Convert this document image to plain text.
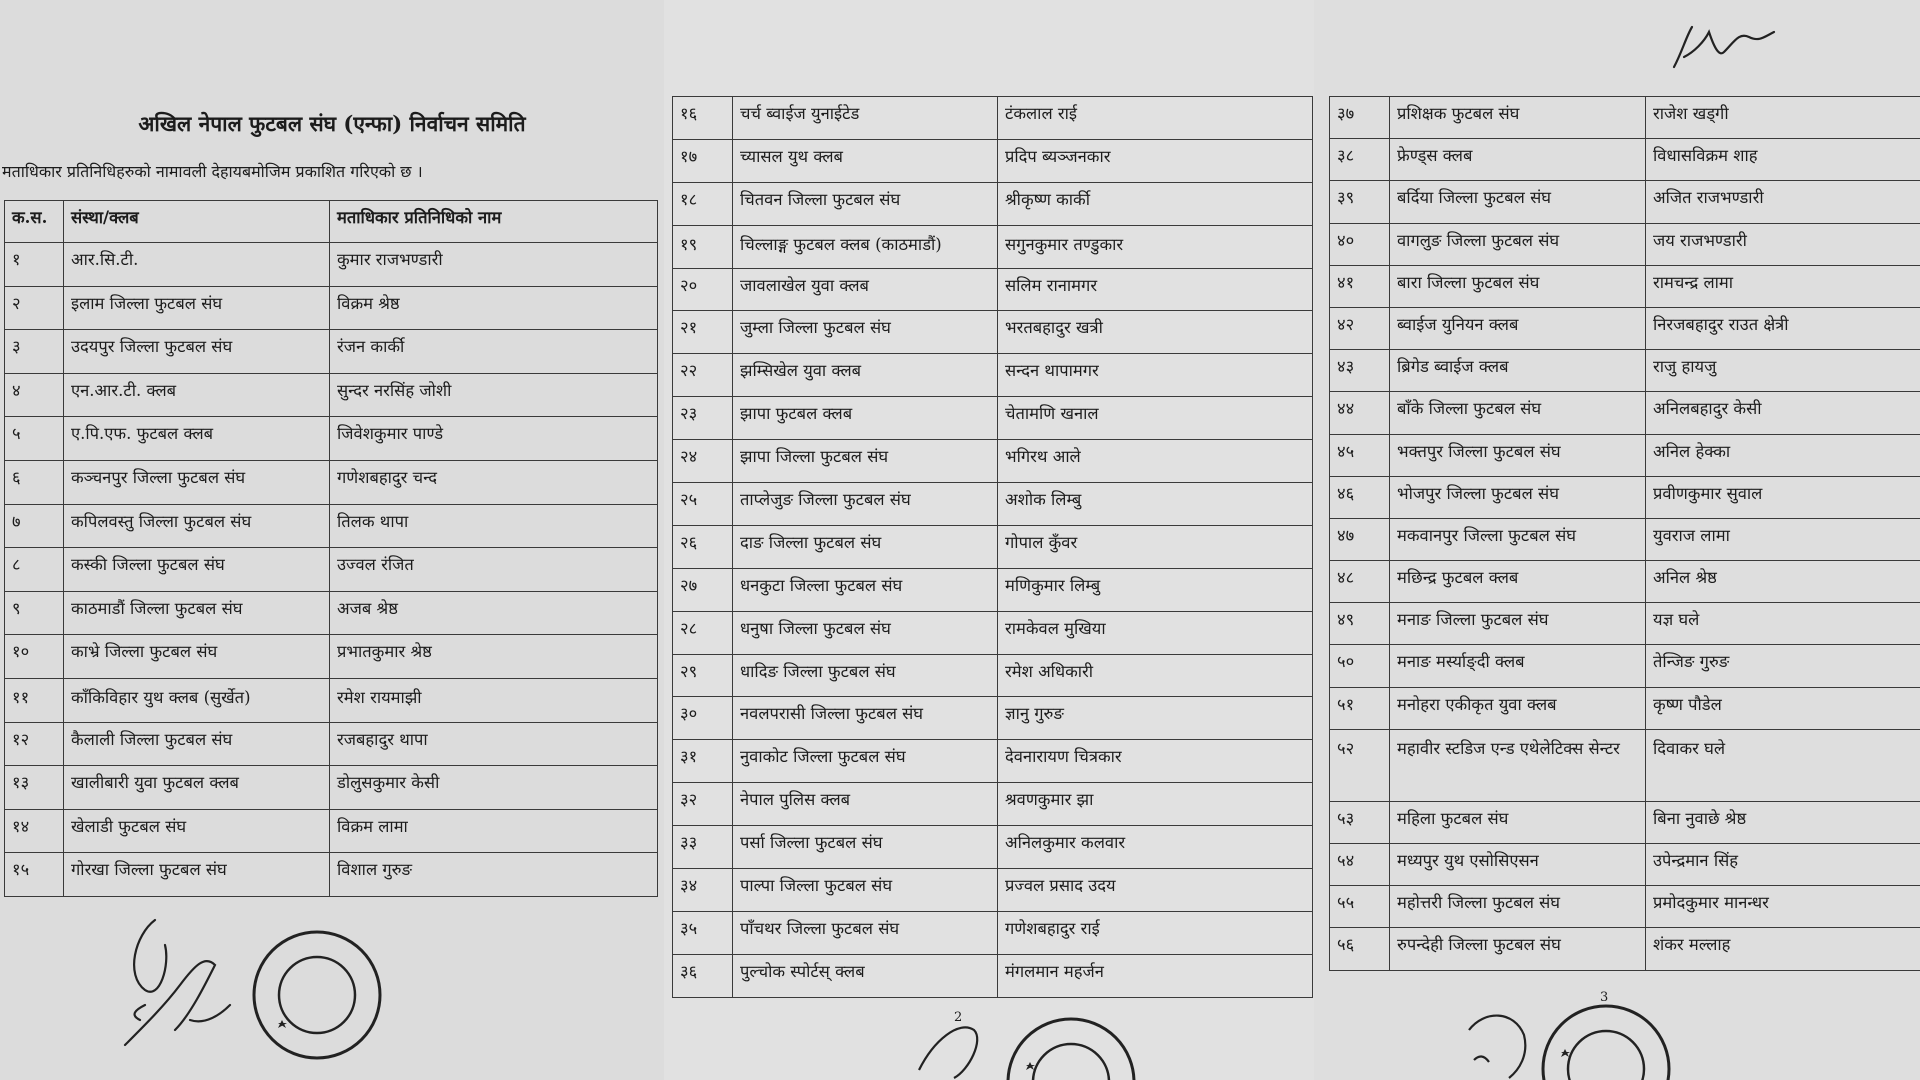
अखिल नेपाल फुटबल संघ (एन्फा) निर्वाचन समिति
मताधिकार प्रतिनिधिहरुको नामावली देहायबमोजिम प्रकाशित गरिएको छ ।
क.स.	संस्था/क्लब	मताधिकार प्रतिनिधिको नाम
१	आर.सि.टी.	कुमार राजभण्डारी
२	इलाम जिल्ला फुटबल संघ	विक्रम श्रेष्ठ
३	उदयपुर जिल्ला फुटबल संघ	रंजन कार्की
४	एन.आर.टी. क्लब	सुन्दर नरसिंह जोशी
५	ए.पि.एफ. फुटबल क्लब	जिवेशकुमार पाण्डे
६	कञ्चनपुर जिल्ला फुटबल संघ	गणेशबहादुर चन्द
७	कपिलवस्तु जिल्ला फुटबल संघ	तिलक थापा
८	कस्की जिल्ला फुटबल संघ	उज्वल रंजित
९	काठमाडौं जिल्ला फुटबल संघ	अजब श्रेष्ठ
१०	काभ्रे जिल्ला फुटबल संघ	प्रभातकुमार श्रेष्ठ
११	काँकिविहार युथ क्लब (सुर्खेत)	रमेश रायमाझी
१२	कैलाली जिल्ला फुटबल संघ	रजबहादुर थापा
१३	खालीबारी युवा फुटबल क्लब	डोलुसकुमार केसी
१४	खेलाडी फुटबल संघ	विक्रम लामा
१५	गोरखा जिल्ला फुटबल संघ	विशाल गुरुङ
१६	चर्च ब्वाईज युनाईटेड	टंकलाल राई
१७	च्यासल युथ क्लब	प्रदिप ब्यञ्जनकार
१८	चितवन जिल्ला फुटबल संघ	श्रीकृष्ण कार्की
१९	चिल्लाङ्ग फुटबल क्लब (काठमाडौं)	सगुनकुमार तण्डुकार
२०	जावलाखेल युवा क्लब	सलिम रानामगर
२१	जुम्ला जिल्ला फुटबल संघ	भरतबहादुर खत्री
२२	झम्सिखेल युवा क्लब	सन्दन थापामगर
२३	झापा फुटबल क्लब	चेतामणि खनाल
२४	झापा जिल्ला फुटबल संघ	भगिरथ आले
२५	ताप्लेजुङ जिल्ला फुटबल संघ	अशोक लिम्बु
२६	दाङ जिल्ला फुटबल संघ	गोपाल कुँवर
२७	धनकुटा जिल्ला फुटबल संघ	मणिकुमार लिम्बु
२८	धनुषा जिल्ला फुटबल संघ	रामकेवल मुखिया
२९	धादिङ जिल्ला फुटबल संघ	रमेश अधिकारी
३०	नवलपरासी जिल्ला फुटबल संघ	ज्ञानु गुरुङ
३१	नुवाकोट जिल्ला फुटबल संघ	देवनारायण चित्रकार
३२	नेपाल पुलिस क्लब	श्रवणकुमार झा
३३	पर्सा जिल्ला फुटबल संघ	अनिलकुमार कलवार
३४	पाल्पा जिल्ला फुटबल संघ	प्रज्वल प्रसाद उदय
३५	पाँचथर जिल्ला फुटबल संघ	गणेशबहादुर राई
३६	पुल्चोक स्पोर्टस् क्लब	मंगलमान महर्जन
2
३७	प्रशिक्षक फुटबल संघ	राजेश खड्गी
३८	फ्रेण्ड्स क्लब	विधासविक्रम शाह
३९	बर्दिया जिल्ला फुटबल संघ	अजित राजभण्डारी
४०	वागलुङ जिल्ला फुटबल संघ	जय राजभण्डारी
४१	बारा जिल्ला फुटबल संघ	रामचन्द्र लामा
४२	ब्वाईज युनियन क्लब	निरजबहादुर राउत क्षेत्री
४३	ब्रिगेड ब्वाईज क्लब	राजु हायजु
४४	बाँके जिल्ला फुटबल संघ	अनिलबहादुर केसी
४५	भक्तपुर जिल्ला फुटबल संघ	अनिल हेक्का
४६	भोजपुर जिल्ला फुटबल संघ	प्रवीणकुमार सुवाल
४७	मकवानपुर जिल्ला फुटबल संघ	युवराज लामा
४८	मछिन्द्र फुटबल क्लब	अनिल श्रेष्ठ
४९	मनाङ जिल्ला फुटबल संघ	यज्ञ घले
५०	मनाङ मर्स्याङ्दी क्लब	तेन्जिङ गुरुङ
५१	मनोहरा एकीकृत युवा क्लब	कृष्ण पौडेल
५२	महावीर स्टडिज एन्ड एथेलेटिक्स सेन्टर	दिवाकर घले
५३	महिला फुटबल संघ	बिना नुवाछे श्रेष्ठ
५४	मध्यपुर युथ एसोसिएसन	उपेन्द्रमान सिंह
५५	महोत्तरी जिल्ला फुटबल संघ	प्रमोदकुमार मानन्धर
५६	रुपन्देही जिल्ला फुटबल संघ	शंकर मल्लाह
3
